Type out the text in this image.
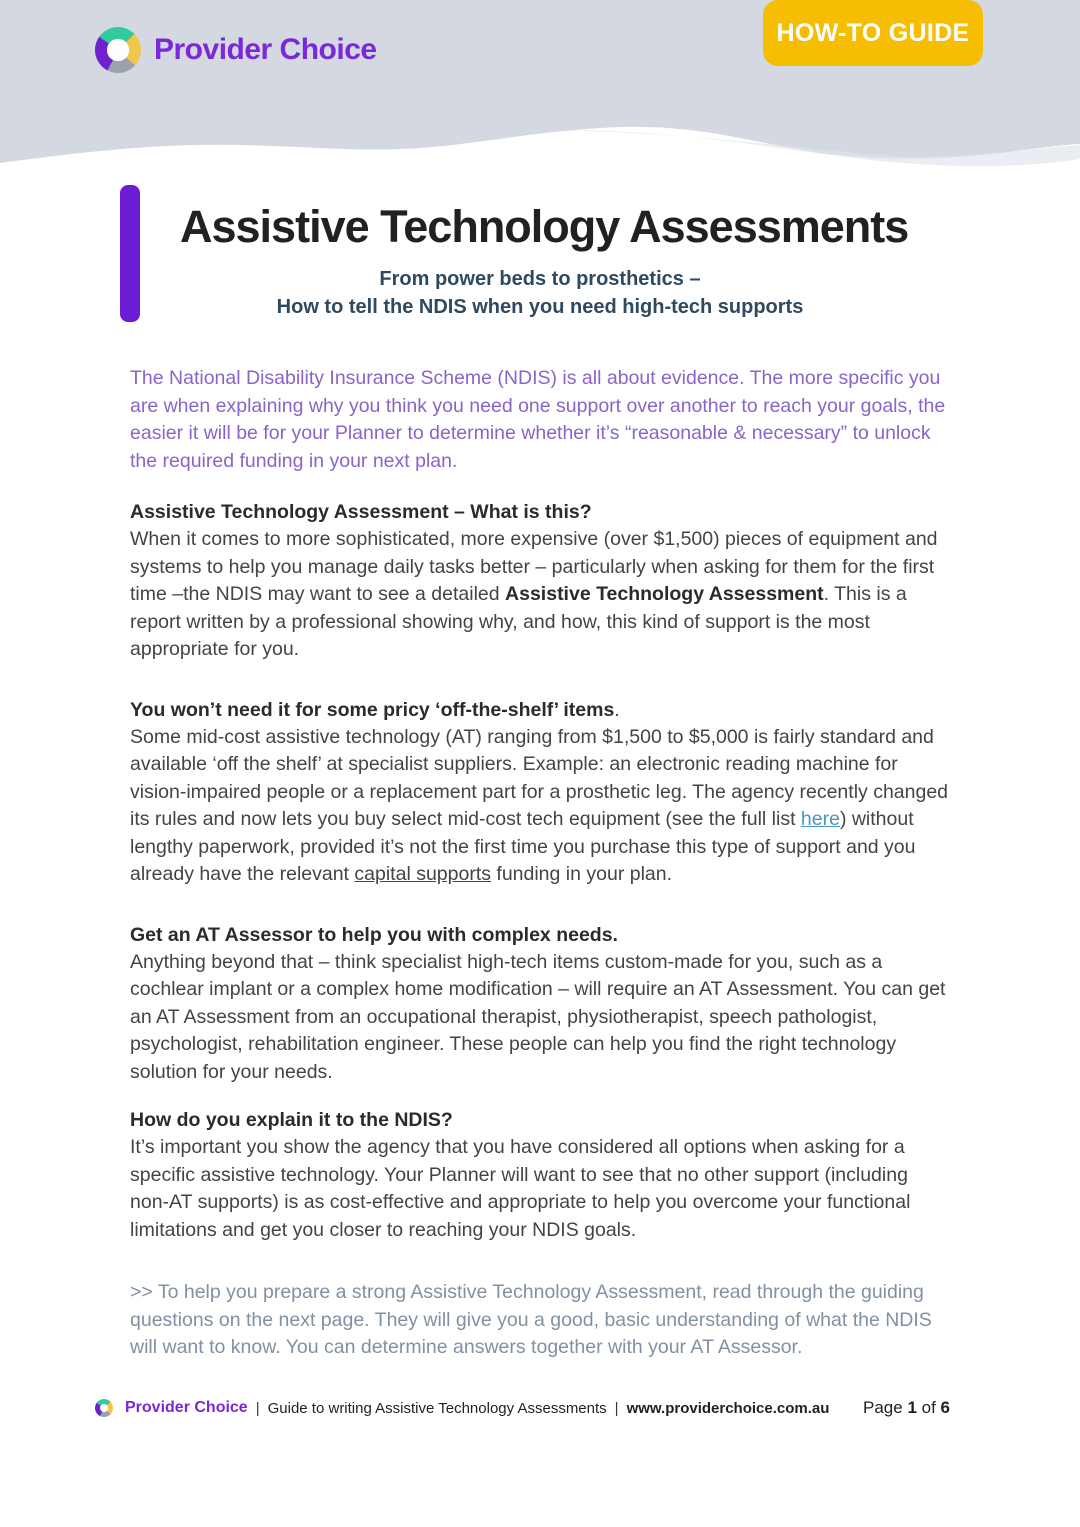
Provider Choice
HOW-TO GUIDE
Assistive Technology Assessments
From power beds to prosthetics –
How to tell the NDIS when you need high-tech supports

The National Disability Insurance Scheme (NDIS) is all about evidence. The more specific you are when explaining why you think you need one support over another to reach your goals, the easier it will be for your Planner to determine whether it’s “reasonable & necessary” to unlock the required funding in your next plan.

Assistive Technology Assessment – What is this?

When it comes to more sophisticated, more expensive (over $1,500) pieces of equipment and systems to help you manage daily tasks better – particularly when asking for them for the first time –the NDIS may want to see a detailed Assistive Technology Assessment. This is a report written by a professional showing why, and how, this kind of support is the most appropriate for you.

You won’t need it for some pricy ‘off-the-shelf’ items.

Some mid-cost assistive technology (AT) ranging from $1,500 to $5,000 is fairly standard and available ‘off the shelf’ at specialist suppliers. Example: an electronic reading machine for vision-impaired people or a replacement part for a prosthetic leg. The agency recently changed its rules and now lets you buy select mid-cost tech equipment (see the full list here) without lengthy paperwork, provided it’s not the first time you purchase this type of support and you already have the relevant capital supports funding in your plan.

Get an AT Assessor to help you with complex needs.

Anything beyond that – think specialist high-tech items custom-made for you, such as a cochlear implant or a complex home modification – will require an AT Assessment. You can get an AT Assessment from an occupational therapist, physiotherapist, speech pathologist, psychologist, rehabilitation engineer. These people can help you find the right technology solution for your needs.

How do you explain it to the NDIS?

It’s important you show the agency that you have considered all options when asking for a specific assistive technology. Your Planner will want to see that no other support (including non-AT supports) is as cost-effective and appropriate to help you overcome your functional limitations and get you closer to reaching your NDIS goals.

>> To help you prepare a strong Assistive Technology Assessment, read through the guiding questions on the next page. They will give you a good, basic understanding of what the NDIS will want to know. You can determine answers together with your AT Assessor.

Provider Choice | Guide to writing Assistive Technology Assessments | www.providerchoice.com.au Page 1 of 6
